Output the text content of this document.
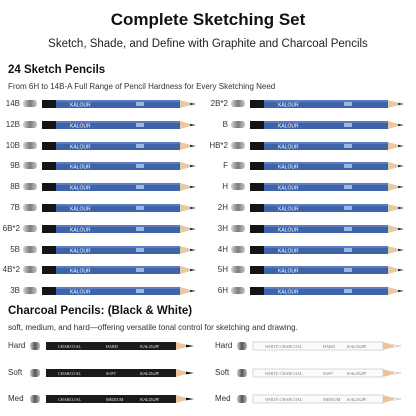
Complete Sketching Set
Sketch, Shade, and Define with Graphite and Charcoal Pencils
24 Sketch Pencils
From 6H to 14B-A Full Range of Pencil Hardness for Every Sketching Need
14B	KALOUR
12B	KALOUR
10B	KALOUR
9B	KALOUR
8B	KALOUR
7B	KALOUR
6B*2	KALOUR
5B	KALOUR
4B*2	KALOUR
3B	KALOUR
2B*2	KALOUR
B	KALOUR
HB*2	KALOUR
F	KALOUR
H	KALOUR
2H	KALOUR
3H	KALOUR
4H	KALOUR
5H	KALOUR
6H	KALOUR
Charcoal Pencils: (Black & White)
soft, medium, and hard—offering versatile tonal control for sketching and drawing.
Hard	CHARCOAL	HARD	KALOUR
Soft	CHARCOAL	SOFT	KALOUR
Med	CHARCOAL	MEDIUM	KALOUR
Hard	WHITE CHARCOAL	HARD	KALOUR
Soft	WHITE CHARCOAL	SOFT	KALOUR
Med	WHITE CHARCOAL	MEDIUM KALOUR
